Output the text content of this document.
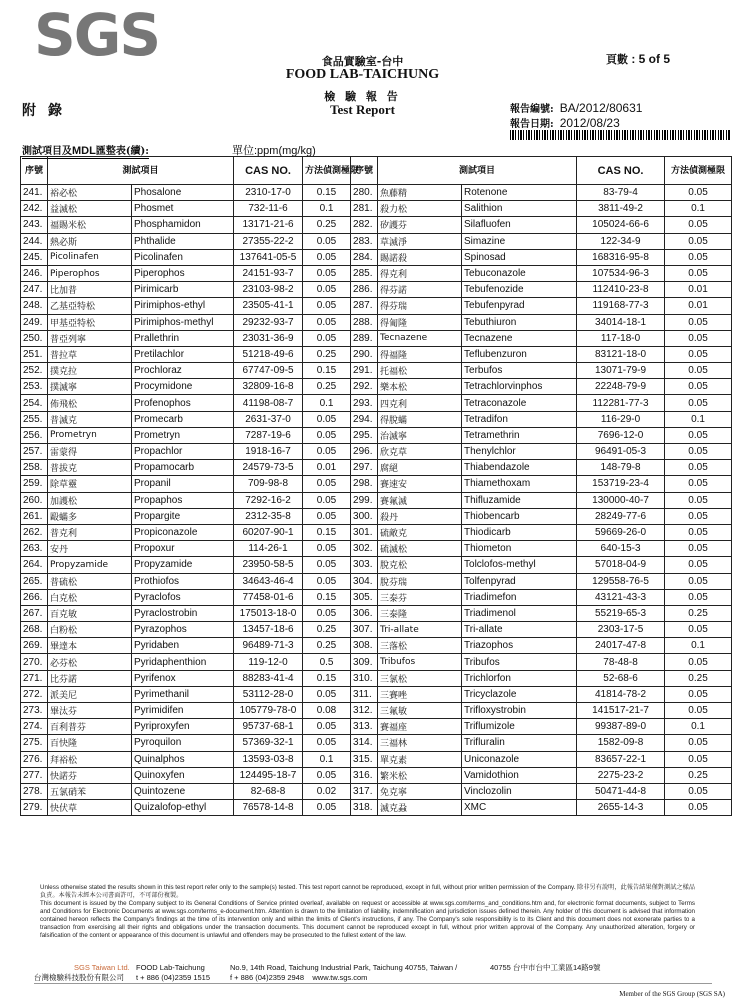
SGS	食品實驗室-台中
FOOD LAB-TAICHUNG
檢 驗 報 告
Test Report
頁數 : 5 of 5
附錄	報告編號: BA/2012/80631
報告日期: 2012/08/23
測試項目及MDL匯整表(續):	單位:ppm(mg/kg)
序號	測試項目		CAS NO.	方法偵測極限	序號	測試項目		CAS NO.	方法偵測極限
241.	裕必松	Phosalone	2310-17-0	0.15	280.	魚藤精	Rotenone	83-79-4	0.05
242.	益滅松	Phosmet	732-11-6	0.1	281.	殺力松	Salithion	3811-49-2	0.1
243.	福賜米松	Phosphamidon	13171-21-6	0.25	282.	矽護芬	Silafluofen	105024-66-6	0.05
244.	熱必斯	Phthalide	27355-22-2	0.05	283.	草滅淨	Simazine	122-34-9	0.05
245.	Picolinafen	Picolinafen	137641-05-5	0.05	284.	賜諾殺	Spinosad	168316-95-8	0.05
246.	Piperophos	Piperophos	24151-93-7	0.05	285.	得克利	Tebuconazole	107534-96-3	0.05
247.	比加普	Pirimicarb	23103-98-2	0.05	286.	得芬諾	Tebufenozide	112410-23-8	0.01
248.	乙基亞特松	Pirimiphos-ethyl	23505-41-1	0.05	287.	得芬瑞	Tebufenpyrad	119168-77-3	0.01
249.	甲基亞特松	Pirimiphos-methyl	29232-93-7	0.05	288.	得匍隆	Tebuthiuron	34014-18-1	0.05
250.	普亞列寧	Prallethrin	23031-36-9	0.05	289.	Tecnazene	Tecnazene	117-18-0	0.05
251.	普拉草	Pretilachlor	51218-49-6	0.25	290.	得福隆	Teflubenzuron	83121-18-0	0.05
252.	撲克拉	Prochloraz	67747-09-5	0.15	291.	托福松	Terbufos	13071-79-9	0.05
253.	撲滅寧	Procymidone	32809-16-8	0.25	292.	樂本松	Tetrachlorvinphos	22248-79-9	0.05
254.	佈飛松	Profenophos	41198-08-7	0.1	293.	四克利	Tetraconazole	112281-77-3	0.05
255.	普滅克	Promecarb	2631-37-0	0.05	294.	得脫蟎	Tetradifon	116-29-0	0.1
256.	Prometryn	Prometryn	7287-19-6	0.05	295.	治滅寧	Tetramethrin	7696-12-0	0.05
257.	雷蒙得	Propachlor	1918-16-7	0.05	296.	欣克草	Thenylchlor	96491-05-3	0.05
258.	普拔克	Propamocarb	24579-73-5	0.01	297.	腐絕	Thiabendazole	148-79-8	0.05
259.	除草靈	Propanil	709-98-8	0.05	298.	賽速安	Thiamethoxam	153719-23-4	0.05
260.	加護松	Propaphos	7292-16-2	0.05	299.	賽氟滅	Thifluzamide	130000-40-7	0.05
261.	毆蟎多	Propargite	2312-35-8	0.05	300.	殺丹	Thiobencarb	28249-77-6	0.05
262.	普克利	Propiconazole	60207-90-1	0.15	301.	硫敵克	Thiodicarb	59669-26-0	0.05
263.	安丹	Propoxur	114-26-1	0.05	302.	硫滅松	Thiometon	640-15-3	0.05
264.	Propyzamide	Propyzamide	23950-58-5	0.05	303.	脫克松	Tolclofos-methyl	57018-04-9	0.05
265.	普硫松	Prothiofos	34643-46-4	0.05	304.	脫芬瑞	Tolfenpyrad	129558-76-5	0.05
266.	白克松	Pyraclofos	77458-01-6	0.15	305.	三泰芬	Triadimefon	43121-43-3	0.05
267.	百克敏	Pyraclostrobin	175013-18-0	0.05	306.	三泰隆	Triadimenol	55219-65-3	0.25
268.	白粉松	Pyrazophos	13457-18-6	0.25	307.	Tri-allate	Tri-allate	2303-17-5	0.05
269.	畢達本	Pyridaben	96489-71-3	0.25	308.	三落松	Triazophos	24017-47-8	0.1
270.	必芬松	Pyridaphenthion	119-12-0	0.5	309.	Tribufos	Tribufos	78-48-8	0.05
271.	比芬諾	Pyrifenox	88283-41-4	0.15	310.	三氯松	Trichlorfon	52-68-6	0.25
272.	派美尼	Pyrimethanil	53112-28-0	0.05	311.	三賽唑	Tricyclazole	41814-78-2	0.05
273.	畢汰芬	Pyrimidifen	105779-78-0	0.08	312.	三氟敏	Trifloxystrobin	141517-21-7	0.05
274.	百利普芬	Pyriproxyfen	95737-68-1	0.05	313.	賽福座	Triflumizole	99387-89-0	0.1
275.	百快隆	Pyroquilon	57369-32-1	0.05	314.	三福林	Trifluralin	1582-09-8	0.05
276.	拜裕松	Quinalphos	13593-03-8	0.1	315.	單克素	Uniconazole	83657-22-1	0.05
277.	快諾芬	Quinoxyfen	124495-18-7	0.05	316.	繁米松	Vamidothion	2275-23-2	0.25
278.	五氯硝苯	Quintozene	82-68-8	0.02	317.	免克寧	Vinclozolin	50471-44-8	0.05
279.	快伏草	Quizalofop-ethyl	76578-14-8	0.05	318.	滅克蝨	XMC	2655-14-3	0.05
Unless otherwise stated the results shown in this test report refer only to the sample(s) tested. This test report cannot be reproduced, except in full, without prior written permission of the Company. 除非另有說明，此報告結果僅對測試之樣品負責。本報告未經本公司書面許可，不可部份複製。
This document is issued by the Company subject to its General Conditions of Service printed overleaf, available on request or accessible at www.sgs.com/terms_and_conditions.htm and, for electronic format documents, subject to Terms and Conditions for Electronic Documents at www.sgs.com/terms_e-document.htm. Attention is drawn to the limitation of liability, indemnification and jurisdiction issues defined therein. Any holder of this document is advised that information contained hereon reflects the Company's findings at the time of its intervention only and within the limits of Client's instructions, if any. The Company's sole responsibility is to its Client and this document does not exonerate parties to a transaction from exercising all their rights and obligations under the transaction documents. This document cannot be reproduced except in full, without prior written approval of the Company. Any unauthorized alteration, forgery or falsification of the content or appearance of this document is unlawful and offenders may be prosecuted to the fullest extent of the law.
SGS Taiwan Ltd.
台灣檢驗科技股份有限公司
FOOD Lab-Taichung
t + 886 (04)2359 1515
No.9, 14th Road, Taichung Industrial Park, Taichung 40755, Taiwan /
f + 886 (04)2359 2948 www.tw.sgs.com
40755 台中市台中工業區14路9號
Member of the SGS Group (SGS SA)
